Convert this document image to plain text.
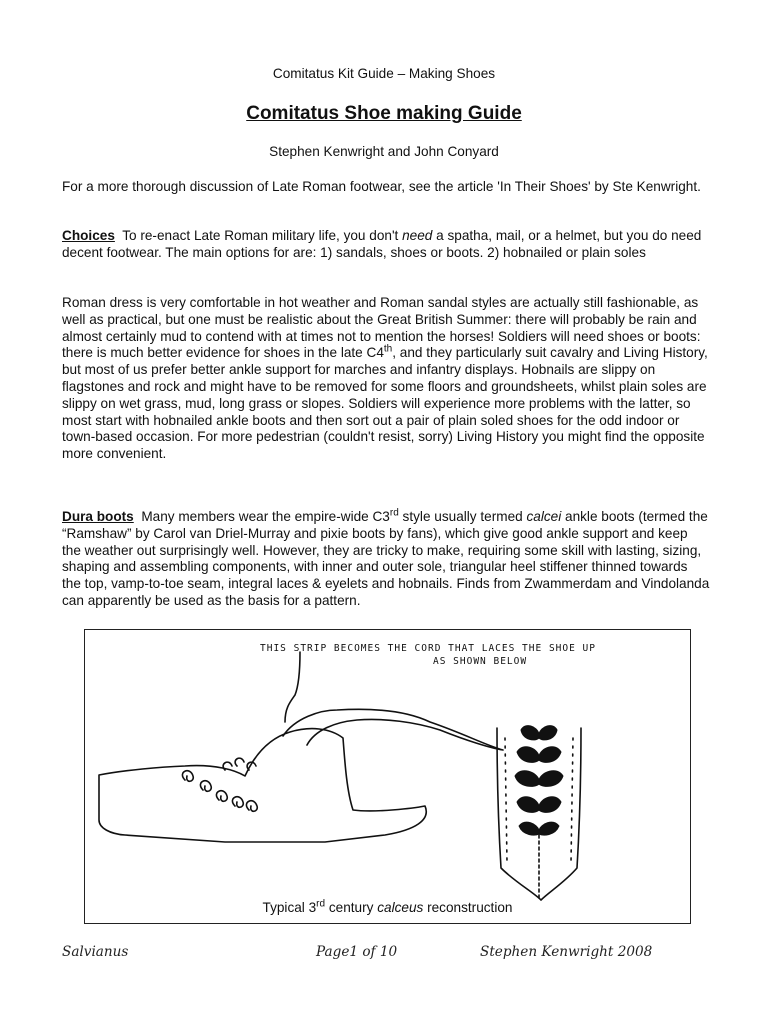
Comitatus Kit Guide – Making Shoes

Comitatus Shoe making Guide

Stephen Kenwright and John Conyard

For a more thorough discussion of Late Roman footwear, see the article 'In Their Shoes' by Ste Kenwright.

Choices To re-enact Late Roman military life, you don't need a spatha, mail, or a helmet, but you do need decent footwear. The main options for are: 1) sandals, shoes or boots. 2) hobnailed or plain soles

Roman dress is very comfortable in hot weather and Roman sandal styles are actually still fashionable, as well as practical, but one must be realistic about the Great British Summer: there will probably be rain and almost certainly mud to contend with at times not to mention the horses! Soldiers will need shoes or boots: there is much better evidence for shoes in the late C4th, and they particularly suit cavalry and Living History, but most of us prefer better ankle support for marches and infantry displays. Hobnails are slippy on flagstones and rock and might have to be removed for some floors and groundsheets, whilst plain soles are slippy on wet grass, mud, long grass or slopes. Soldiers will experience more problems with the latter, so most start with hobnailed ankle boots and then sort out a pair of plain soled shoes for the odd indoor or town-based occasion. For more pedestrian (couldn't resist, sorry) Living History you might find the opposite more convenient.

Dura boots Many members wear the empire-wide C3rd style usually termed calcei ankle boots (termed the “Ramshaw” by Carol van Driel-Murray and pixie boots by fans), which give good ankle support and keep the weather out surprisingly well. However, they are tricky to make, requiring some skill with lasting, sizing, shaping and assembling components, with inner and outer sole, triangular heel stiffener thinned towards the top, vamp-to-toe seam, integral laces & eyelets and hobnails. Finds from Zwammerdam and Vindolanda can apparently be used as the basis for a pattern.

THIS STRIP BECOMES THE CORD THAT LACES THE SHOE UP
AS SHOWN BELOW
Typical 3rd century calceus reconstruction
Salvianus	Page1 of 10	Stephen Kenwright 2008
